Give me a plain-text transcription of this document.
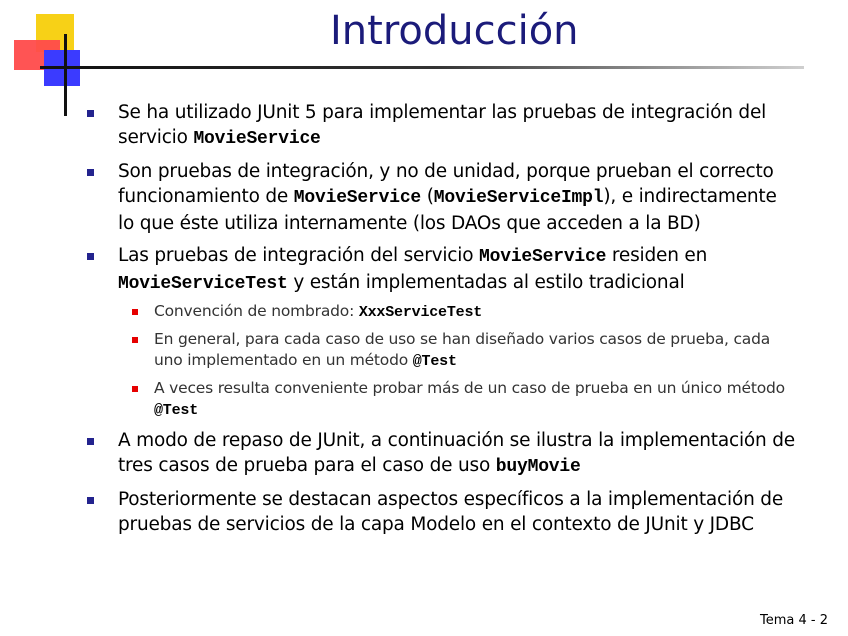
Introducción
Se ha utilizado JUnit 5 para implementar las pruebas de integración del servicio MovieService
Son pruebas de integración, y no de unidad, porque prueban el correcto funcionamiento de MovieService (MovieServiceImpl), e indirectamente lo que éste utiliza internamente (los DAOs que acceden a la BD)
Las pruebas de integración del servicio MovieService residen en MovieServiceTest y están implementadas al estilo tradicional
Convención de nombrado: XxxServiceTest
En general, para cada caso de uso se han diseñado varios casos de prueba, cada uno implementado en un método @Test
A veces resulta conveniente probar más de un caso de prueba en un único método @Test
A modo de repaso de JUnit, a continuación se ilustra la implementación de tres casos de prueba para el caso de uso buyMovie
Posteriormente se destacan aspectos específicos a la implementación de pruebas de servicios de la capa Modelo en el contexto de JUnit y JDBC
Tema 4 - 2
